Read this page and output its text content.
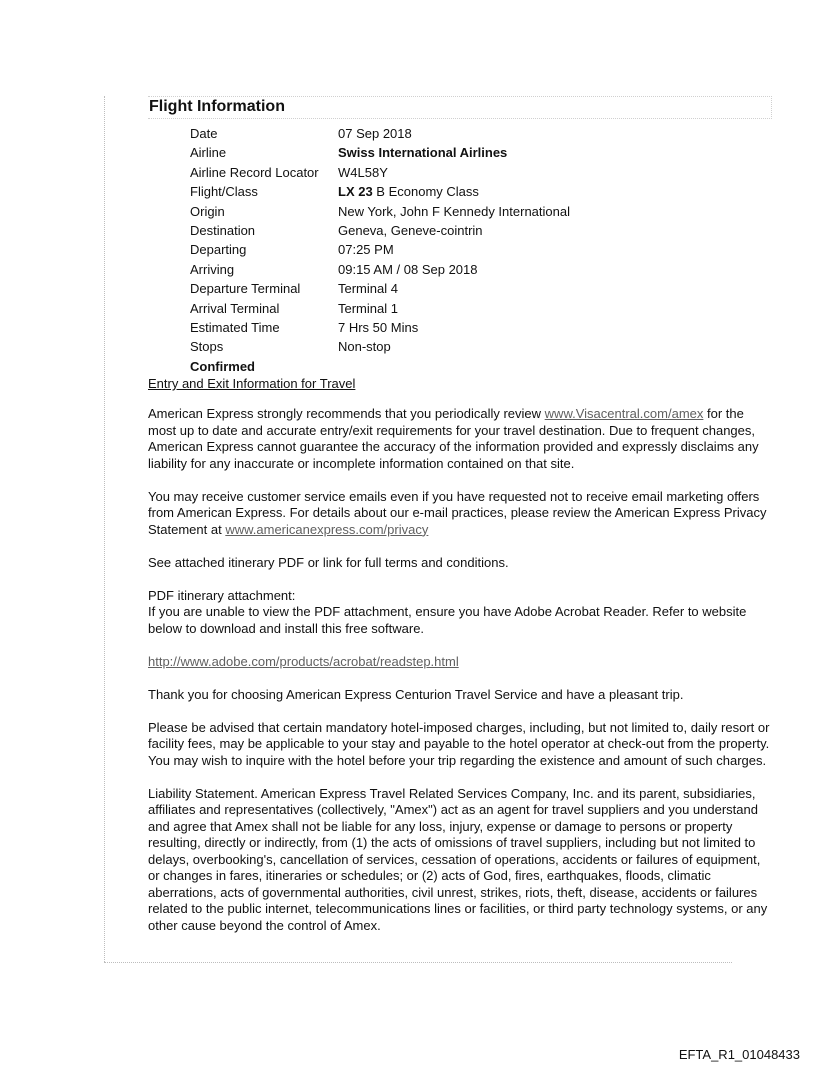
Flight Information
Date	07 Sep 2018
Airline	Swiss International Airlines
Airline Record Locator W4L58Y
Flight/Class	LX 23 B Economy Class
Origin	New York, John F Kennedy International
Destination	Geneva, Geneve-cointrin
Departing	07:25 PM
Arriving	09:15 AM / 08 Sep 2018
Departure Terminal	Terminal 4
Arrival Terminal	Terminal 1
Estimated Time	7 Hrs 50 Mins
Stops	Non-stop
Confirmed
Entry and Exit Information for Travel

American Express strongly recommends that you periodically review www.Visacentral.com/amex for the most up to date and accurate entry/exit requirements for your travel destination. Due to frequent changes, American Express cannot guarantee the accuracy of the information provided and expressly disclaims any liability for any inaccurate or incomplete information contained on that site.

You may receive customer service emails even if you have requested not to receive email marketing offers from American Express. For details about our e-mail practices, please review the American Express Privacy Statement at www.americanexpress.com/privacy

See attached itinerary PDF or link for full terms and conditions.

PDF itinerary attachment:
If you are unable to view the PDF attachment, ensure you have Adobe Acrobat Reader. Refer to website below to download and install this free software.

http://www.adobe.com/products/acrobat/readstep.html

Thank you for choosing American Express Centurion Travel Service and have a pleasant trip.

Please be advised that certain mandatory hotel-imposed charges, including, but not limited to, daily resort or facility fees, may be applicable to your stay and payable to the hotel operator at check-out from the property. You may wish to inquire with the hotel before your trip regarding the existence and amount of such charges.

Liability Statement. American Express Travel Related Services Company, Inc. and its parent, subsidiaries, affiliates and representatives (collectively, "Amex") act as an agent for travel suppliers and you understand and agree that Amex shall not be liable for any loss, injury, expense or damage to persons or property resulting, directly or indirectly, from (1) the acts of omissions of travel suppliers, including but not limited to delays, overbooking's, cancellation of services, cessation of operations, accidents or failures of equipment, or changes in fares, itineraries or schedules; or (2) acts of God, fires, earthquakes, floods, climatic aberrations, acts of governmental authorities, civil unrest, strikes, riots, theft, disease, accidents or failures related to the public internet, telecommunications lines or facilities, or third party technology systems, or any other cause beyond the control of Amex.

EFTA_R1_01048433
